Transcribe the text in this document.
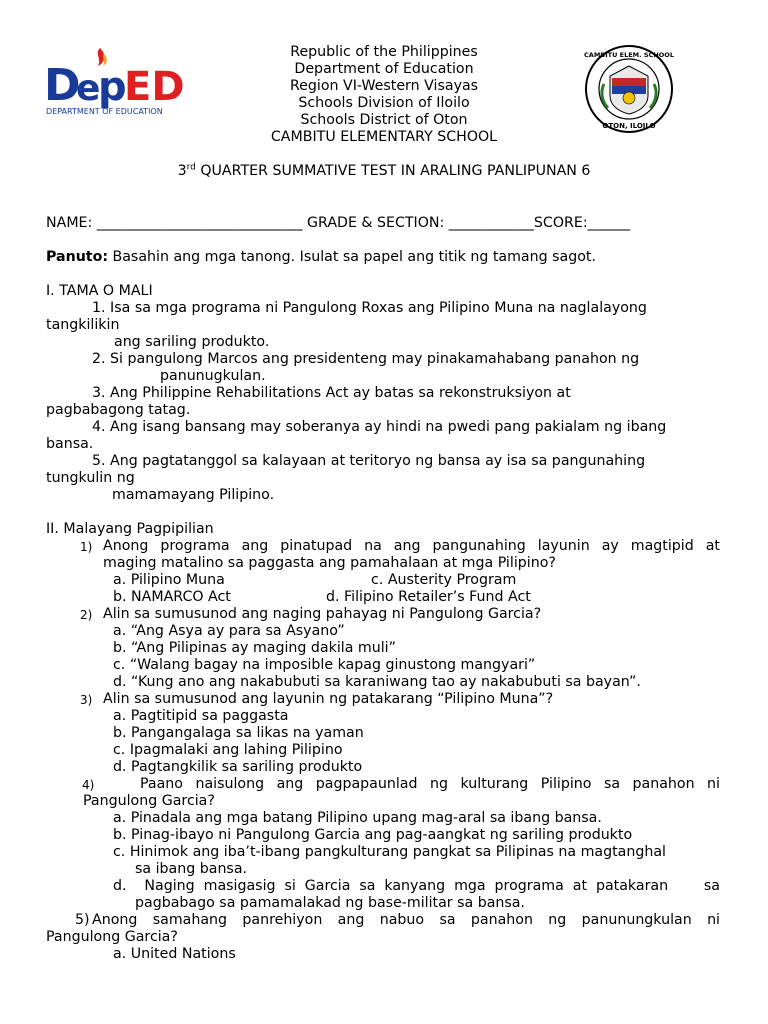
D
e
p
ED
DEPARTMENT OF EDUCATION
CAMBITU ELEM. SCHOOL
OTON, ILOILO
Republic of the Philippines
Department of Education
Region VI-Western Visayas
Schools Division of Iloilo
Schools District of Oton
CAMBITU ELEMENTARY SCHOOL
3rd QUARTER SUMMATIVE TEST IN ARALING PANLIPUNAN 6
NAME: _____________________________ GRADE & SECTION: ____________SCORE:______
Panuto: Basahin ang mga tanong. Isulat sa papel ang titik ng tamang sagot.
I. TAMA O MALI
1. Isa sa mga programa ni Pangulong Roxas ang Pilipino Muna na naglalayong
tangkilikin
ang sariling produkto.
2. Si pangulong Marcos ang presidenteng may pinakamahabang panahon ng
panunugkulan.
3. Ang Philippine Rehabilitations Act ay batas sa rekonstruksiyon at
pagbabagong tatag.
4. Ang isang bansang may soberanya ay hindi na pwedi pang pakialam ng ibang
bansa.
5. Ang pagtatanggol sa kalayaan at teritoryo ng bansa ay isa sa pangunahing
tungkulin ng
mamamayang Pilipino.
II. Malayang Pagpipilian
1) Anong programa ang pinatupad na ang pangunahing layunin ay magtipid at
maging matalino sa paggasta ang pamahalaan at mga Pilipino?
a. Pilipino Muna	c. Austerity Program
b. NAMARCO Act	d. Filipino Retailer’s Fund Act
2) Alin sa sumusunod ang naging pahayag ni Pangulong Garcia?
a. “Ang Asya ay para sa Asyano”
b. “Ang Pilipinas ay maging dakila muli”
c. “Walang bagay na imposible kapag ginustong mangyari”
d. “Kung ano ang nakabubuti sa karaniwang tao ay nakabubuti sa bayan”.
3) Alin sa sumusunod ang layunin ng patakarang “Pilipino Muna”?
a. Pagtitipid sa paggasta
b. Pangangalaga sa likas na yaman
c. Ipagmalaki ang lahing Pilipino
d. Pagtangkilik sa sariling produkto
4)	Paano naisulong ang pagpapaunlad ng kulturang Pilipino sa panahon ni
Pangulong Garcia?
a. Pinadala ang mga batang Pilipino upang mag-aral sa ibang bansa.
b. Pinag-ibayo ni Pangulong Garcia ang pag-aangkat ng sariling produkto
c. Hinimok ang iba’t-ibang pangkulturang pangkat sa Pilipinas na magtanghal
sa ibang bansa.
d.  Naging masigasig si Garcia sa kanyang mga programa at patakaran    sa
pagbabago sa pamamalakad ng base-militar sa bansa.
5) Anong samahang panrehiyon ang nabuo sa panahon ng panunungkulan ni
Pangulong Garcia?
a. United Nations
